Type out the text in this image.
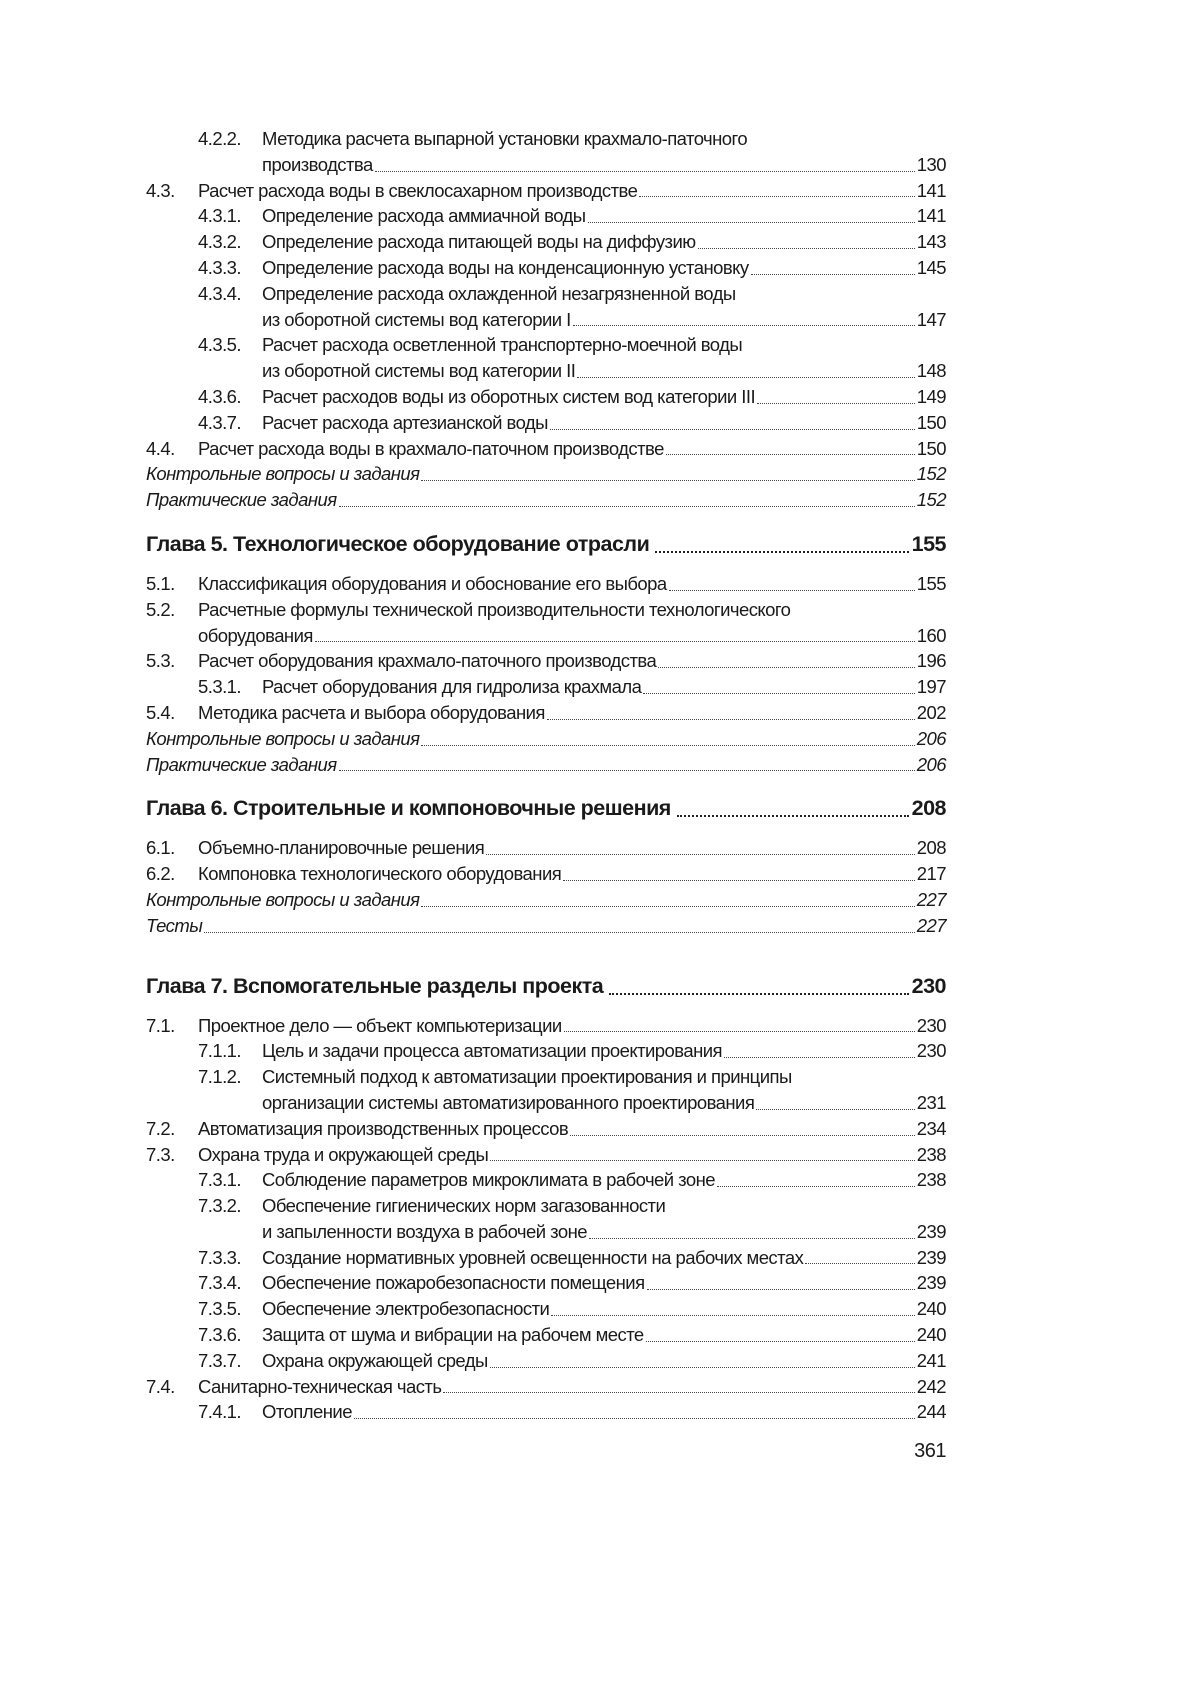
4.2.2. Методика расчета выпарной установки крахмало-паточного
производства	130
4.3. Расчет расхода воды в свеклосахарном производстве	141
4.3.1. Определение расхода аммиачной воды	141
4.3.2. Определение расхода питающей воды на диффузию	143
4.3.3. Определение расхода воды на конденсационную установку	145
4.3.4. Определение расхода охлажденной незагрязненной воды
из оборотной системы вод категории I	147
4.3.5. Расчет расхода осветленной транспортерно-моечной воды
из оборотной системы вод категории II	148
4.3.6. Расчет расходов воды из оборотных систем вод категории III	149
4.3.7. Расчет расхода артезианской воды	150
4.4. Расчет расхода воды в крахмало-паточном производстве	150
Контрольные вопросы и задания	152
Практические задания	152
Глава 5. Технологическое оборудование отрасли	155
5.1. Классификация оборудования и обоснование его выбора	155
5.2. Расчетные формулы технической производительности технологического
оборудования	160
5.3. Расчет оборудования крахмало-паточного производства	196
5.3.1. Расчет оборудования для гидролиза крахмала	197
5.4. Методика расчета и выбора оборудования	202
Контрольные вопросы и задания	206
Практические задания	206
Глава 6. Строительные и компоновочные решения	208
6.1. Объемно-планировочные решения	208
6.2. Компоновка технологического оборудования	217
Контрольные вопросы и задания	227
Тесты	227
Глава 7. Вспомогательные разделы проекта	230
7.1. Проектное дело — объект компьютеризации	230
7.1.1. Цель и задачи процесса автоматизации проектирования	230
7.1.2. Системный подход к автоматизации проектирования и принципы
организации системы автоматизированного проектирования	231
7.2. Автоматизация производственных процессов	234
7.3. Охрана труда и окружающей среды	238
7.3.1. Соблюдение параметров микроклимата в рабочей зоне	238
7.3.2. Обеспечение гигиенических норм загазованности
и запыленности воздуха в рабочей зоне	239
7.3.3. Создание нормативных уровней освещенности на рабочих местах	239
7.3.4. Обеспечение пожаробезопасности помещения	239
7.3.5. Обеспечение электробезопасности	240
7.3.6. Защита от шума и вибрации на рабочем месте	240
7.3.7. Охрана окружающей среды	241
7.4. Санитарно-техническая часть	242
7.4.1. Отопление	244
361
